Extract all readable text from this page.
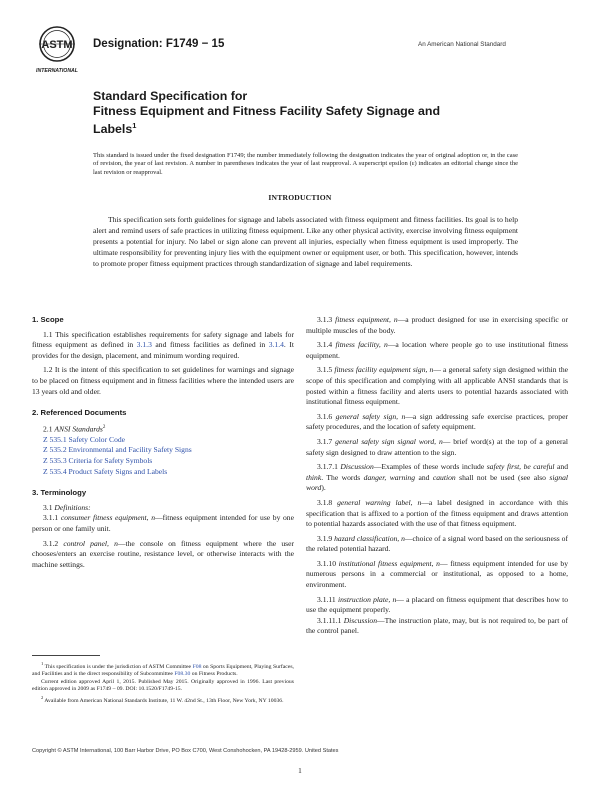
ASTM
INTERNATIONAL
Designation: F1749 − 15	An American National Standard
Standard Specification for
Fitness Equipment and Fitness Facility Safety Signage and
Labels$^1$
This standard is issued under the fixed designation F1749; the number immediately following the designation indicates the year of original adoption or, in the case of revision, the year of last revision. A number in parentheses indicates the year of last reapproval. A superscript epsilon (ε) indicates an editorial change since the last revision or reapproval.
INTRODUCTION
This specification sets forth guidelines for signage and labels associated with fitness equipment and fitness facilities. Its goal is to help alert and remind users of safe practices in utilizing fitness equipment. Like any other physical activity, exercise involving fitness equipment presents a potential for injury. No label or sign alone can prevent all injuries, especially when fitness equipment is used improperly. The ultimate responsibility for preventing injury lies with the equipment owner or equipment user, or both. This specification, however, intends to promote proper fitness equipment practices through standardization of signage and label requirements.

1. Scope

1.1 This specification establishes requirements for safety signage and labels for fitness equipment as defined in 3.1.3 and fitness facilities as defined in 3.1.4. It provides for the design, placement, and minimum wording required.

1.2 It is the intent of this specification to set guidelines for warnings and signage to be placed on fitness equipment and in fitness facilities where the intended users are 13 years old and older.

2. Referenced Documents

2.1 ANSI Standards$^2$

Z 535.1 Safety Color Code

Z 535.2 Environmental and Facility Safety Signs

Z 535.3 Criteria for Safety Symbols

Z 535.4 Product Safety Signs and Labels

3. Terminology

3.1 Definitions:

3.1.1 consumer fitness equipment, n—fitness equipment intended for use by one person or one family unit.

3.1.2 control panel, n—the console on fitness equipment where the user chooses/enters an exercise routine, resistance level, or otherwise interacts with the machine settings.

$^1$ This specification is under the jurisdiction of ASTM Committee F08 on Sports Equipment, Playing Surfaces, and Facilities and is the direct responsibility of Subcommittee F08.30 on Fitness Products.

Current edition approved April 1, 2015. Published May 2015. Originally approved in 1996. Last previous edition approved in 2009 as F1749 – 09. DOI: 10.1520/F1749-15.

$^2$ Available from American National Standards Institute, 11 W. 42nd St., 13th Floor, New York, NY 10036.

3.1.3 fitness equipment, n—a product designed for use in exercising specific or multiple muscles of the body.

3.1.4 fitness facility, n—a location where people go to use institutional fitness equipment.

3.1.5 fitness facility equipment sign, n— a general safety sign designed within the scope of this specification and complying with all applicable ANSI standards that is posted within a fitness facility and alerts users to potential hazards associated with institutional fitness equipment.

3.1.6 general safety sign, n—a sign addressing safe exercise practices, proper safety procedures, and the location of safety equipment.

3.1.7 general safety sign signal word, n— brief word(s) at the top of a general safety sign designed to draw attention to the sign.

3.1.7.1 Discussion—Examples of these words include safety first, be careful and think. The words danger, warning and caution shall not be used (see also signal word).

3.1.8 general warning label, n—a label designed in accordance with this specification that is affixed to a portion of the fitness equipment and draws attention to potential hazards associated with the use of that fitness equipment.

3.1.9 hazard classification, n—choice of a signal word based on the seriousness of the related potential hazard.

3.1.10 institutional fitness equipment, n— fitness equipment intended for use by numerous persons in a commercial or institutional, as opposed to a home, environment.

3.1.11 instruction plate, n— a placard on fitness equipment that describes how to use the equipment properly.

3.1.11.1 Discussion—The instruction plate, may, but is not required to, be part of the control panel.

Copyright © ASTM International, 100 Barr Harbor Drive, PO Box C700, West Conshohocken, PA 19428-2959. United States
1
